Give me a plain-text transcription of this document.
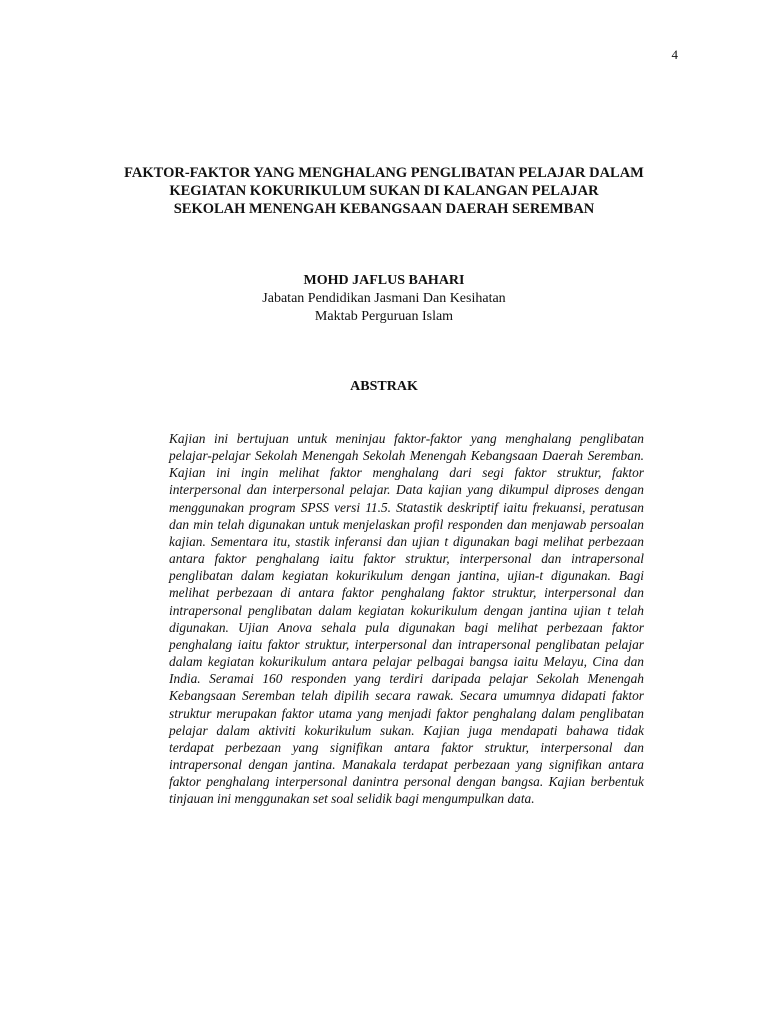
4
FAKTOR-FAKTOR YANG MENGHALANG PENGLIBATAN PELAJAR DALAM
KEGIATAN KOKURIKULUM SUKAN DI KALANGAN PELAJAR
SEKOLAH MENENGAH KEBANGSAAN DAERAH SEREMBAN
MOHD JAFLUS BAHARI
Jabatan Pendidikan Jasmani Dan Kesihatan
Maktab Perguruan Islam
ABSTRAK
Kajian ini bertujuan untuk meninjau faktor-faktor yang menghalang penglibatan pelajar-pelajar Sekolah Menengah Sekolah Menengah Kebangsaan Daerah Seremban. Kajian ini ingin melihat faktor menghalang dari segi faktor struktur, faktor interpersonal dan interpersonal pelajar. Data kajian yang dikumpul diproses dengan menggunakan program SPSS versi 11.5. Statastik deskriptif iaitu frekuansi, peratusan dan min telah digunakan untuk menjelaskan profil responden dan menjawab persoalan kajian. Sementara itu, stastik inferansi dan ujian t digunakan bagi melihat perbezaan antara faktor penghalang iaitu faktor struktur, interpersonal dan intrapersonal penglibatan dalam kegiatan kokurikulum dengan jantina, ujian-t digunakan. Bagi melihat perbezaan di antara faktor penghalang faktor struktur, interpersonal dan intrapersonal penglibatan dalam kegiatan kokurikulum dengan jantina ujian t telah digunakan. Ujian Anova sehala pula digunakan bagi melihat perbezaan faktor penghalang iaitu faktor struktur, interpersonal dan intrapersonal penglibatan pelajar dalam kegiatan kokurikulum antara pelajar pelbagai bangsa iaitu Melayu, Cina dan India. Seramai 160 responden yang terdiri daripada pelajar Sekolah Menengah Kebangsaan Seremban telah dipilih secara rawak. Secara umumnya didapati faktor struktur merupakan faktor utama yang menjadi faktor penghalang dalam penglibatan pelajar dalam aktiviti kokurikulum sukan. Kajian juga mendapati bahawa tidak terdapat perbezaan yang signifikan antara faktor struktur, interpersonal dan intrapersonal dengan jantina. Manakala terdapat perbezaan yang signifikan antara faktor penghalang interpersonal danintra personal dengan bangsa. Kajian berbentuk tinjauan ini menggunakan set soal selidik bagi mengumpulkan data.
